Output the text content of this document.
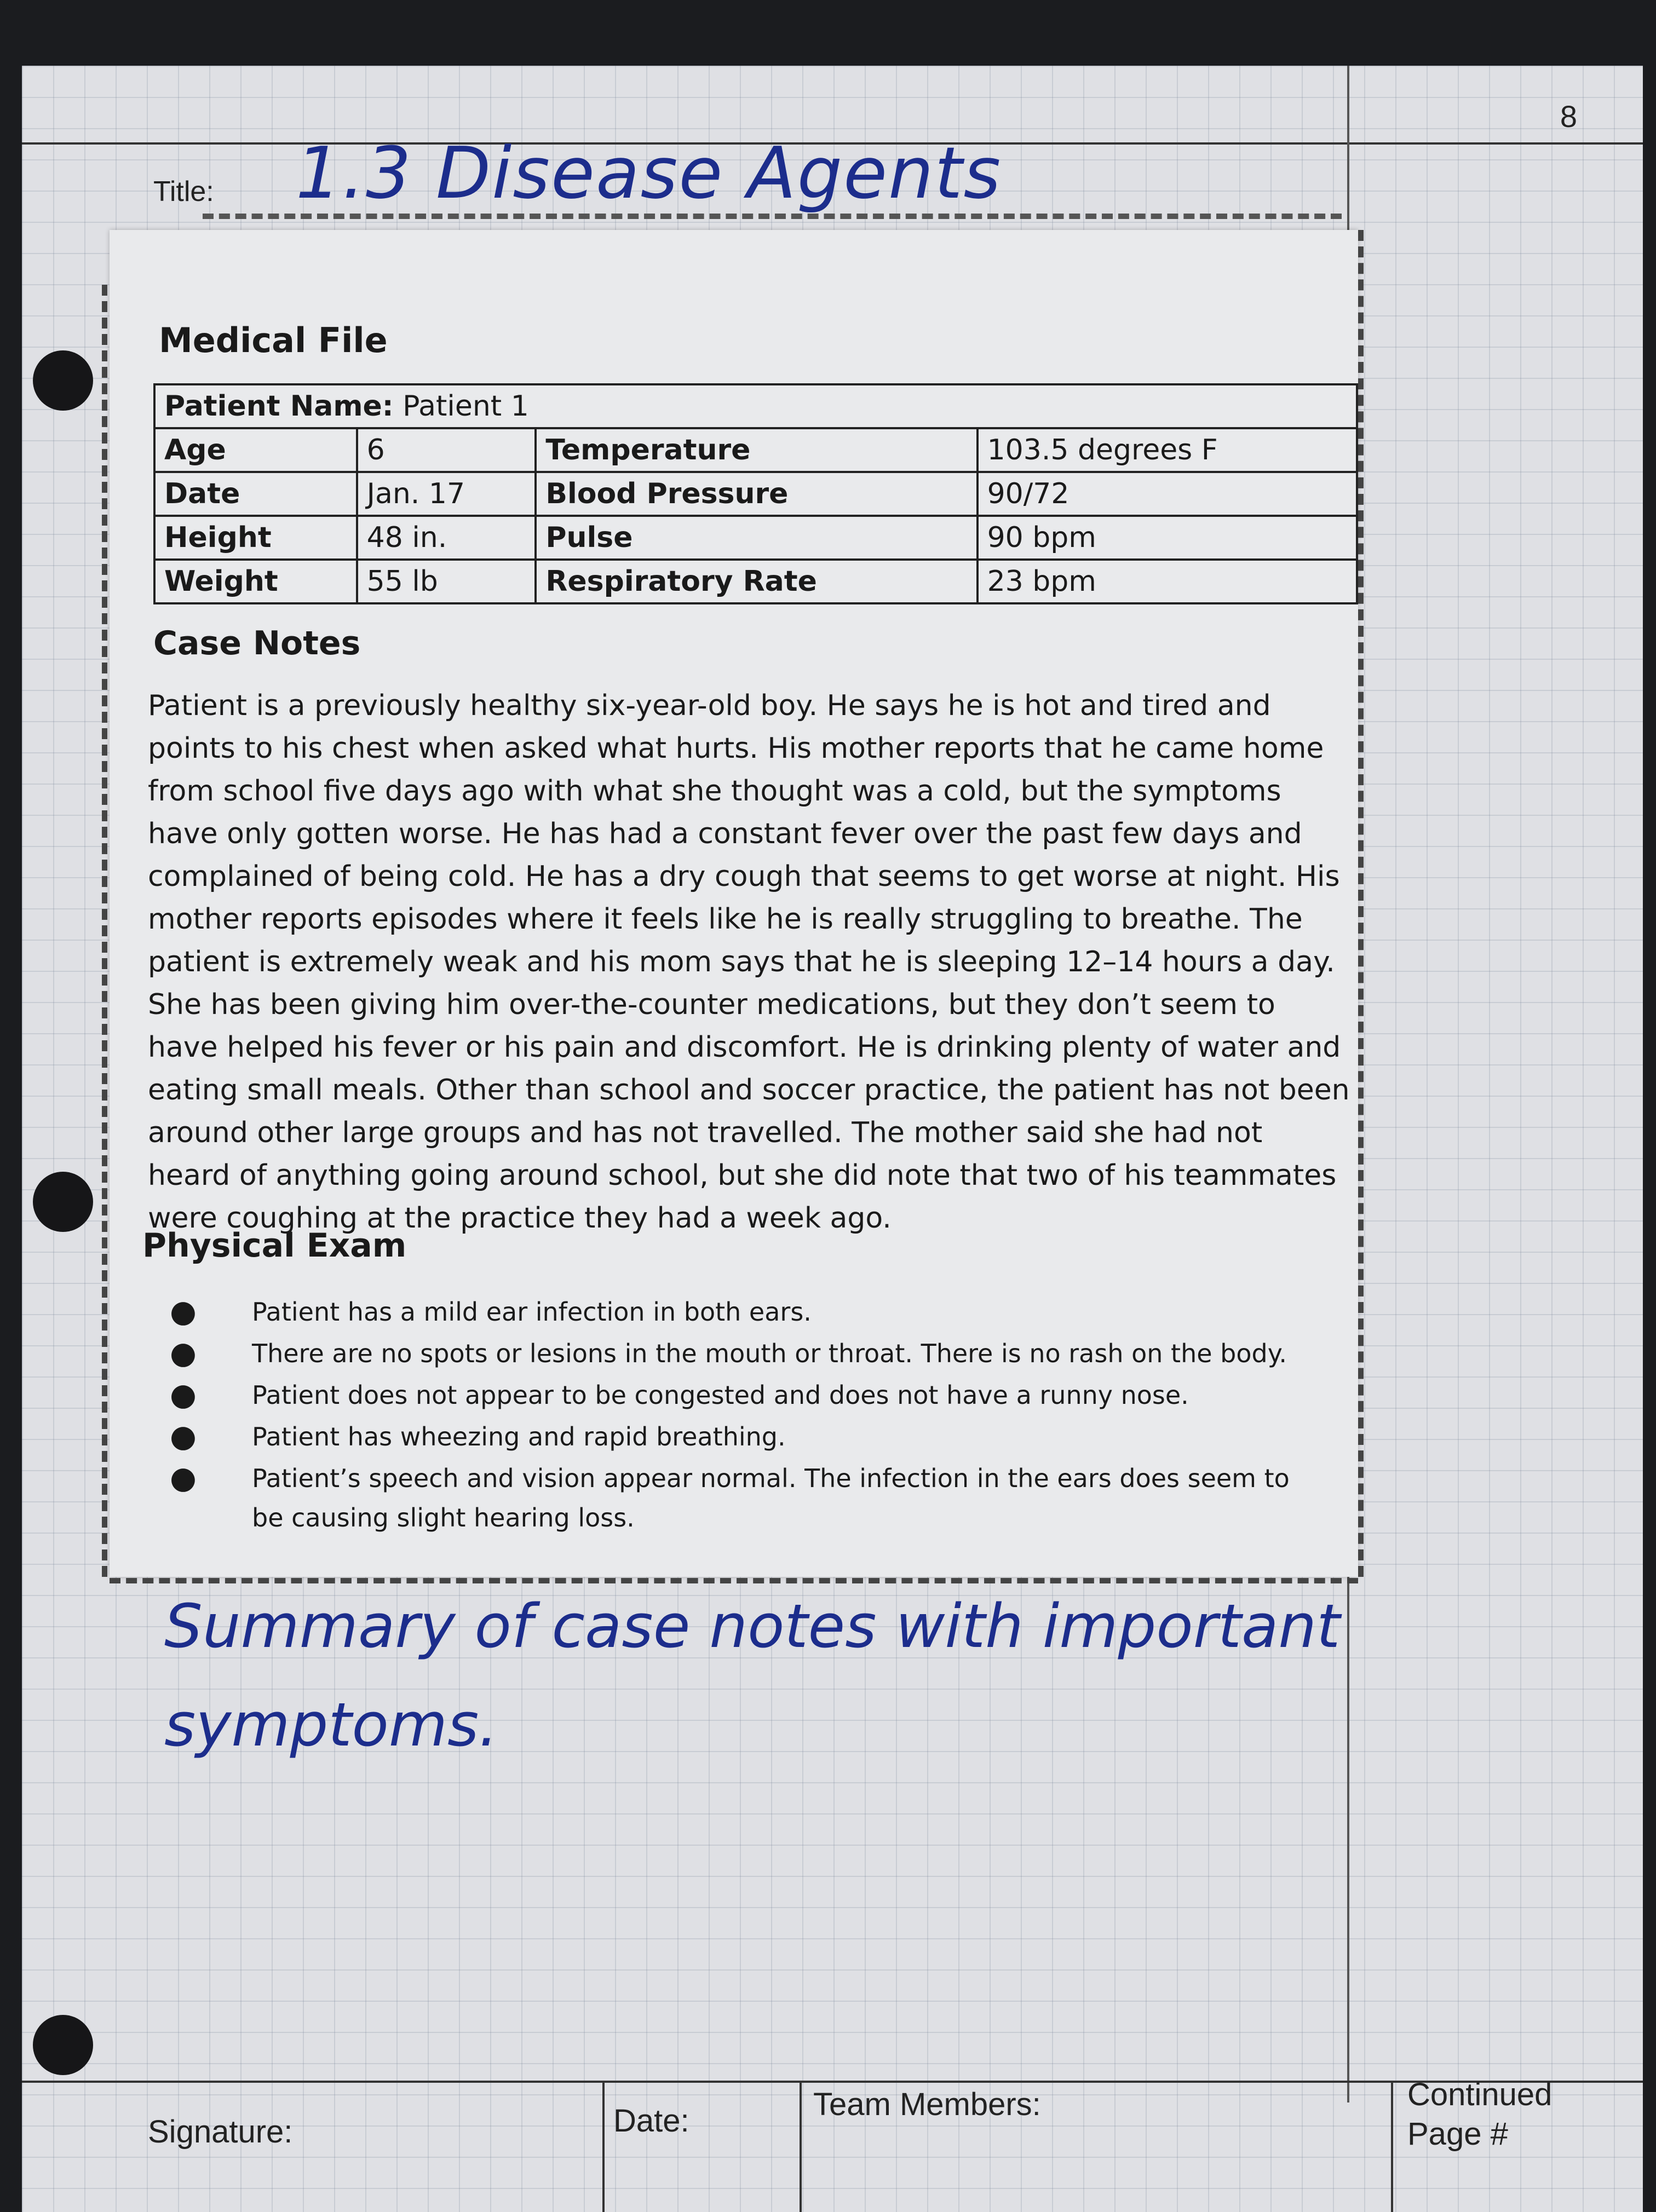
8
Title: 1.3 Disease Agents
Medical File
Patient Name: Patient 1			
Age	6	Temperature	103.5 degrees F
Date	Jan. 17	Blood Pressure	90/72
Height	48 in.	Pulse	90 bpm
Weight	55 lb	Respiratory Rate	23 bpm
Case Notes
Patient is a previously healthy six-year-old boy. He says he is hot and tired and points to his chest when asked what hurts. His mother reports that he came home from school five days ago with what she thought was a cold, but the symptoms have only gotten worse. He has had a constant fever over the past few days and complained of being cold. He has a dry cough that seems to get worse at night. His mother reports episodes where it feels like he is really struggling to breathe. The patient is extremely weak and his mom says that he is sleeping 12–14 hours a day. She has been giving him over-the-counter medications, but they don’t seem to have helped his fever or his pain and discomfort. He is drinking plenty of water and eating small meals. Other than school and soccer practice, the patient has not been around other large groups and has not travelled. The mother said she had not heard of anything going around school, but she did note that two of his teammates were coughing at the practice they had a week ago.
Physical Exam
● Patient has a mild ear infection in both ears.
● There are no spots or lesions in the mouth or throat. There is no rash on the body.
● Patient does not appear to be congested and does not have a runny nose.
● Patient has wheezing and rapid breathing.
● Patient’s speech and vision appear normal. The infection in the ears does seem to be causing slight hearing loss.
Summary of case notes with important symptoms.
Signature:	Date:	Team Members:	Continued Page #
